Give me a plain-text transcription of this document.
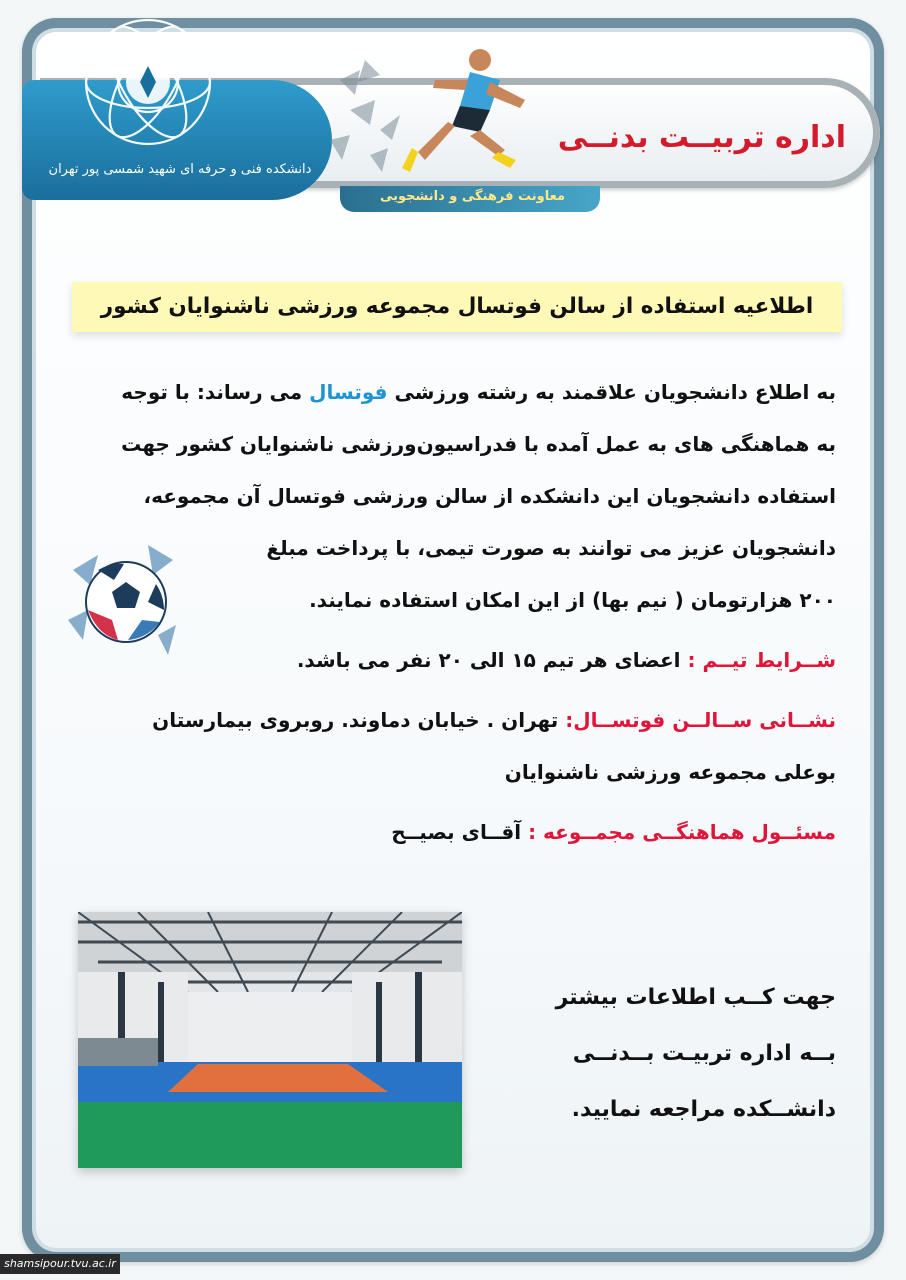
دانشکده فنی و حرفه ای شهید شمسی پور تهران
اداره تربیــت بدنــی
معاونت فرهنگی و دانشجویی
اطلاعیه استفاده از سالن فوتسال مجموعه ورزشی ناشنوایان کشور
به اطلاع دانشجویان علاقمند به رشته ورزشی فوتسال می رساند: با توجه
به هماهنگی های به عمل آمده با فدراسیون‌ورزشی ناشنوایان کشور جهت
استفاده دانشجویان این دانشکده از سالن ورزشی فوتسال آن مجموعه،
دانشجویان عزیز می توانند به صورت تیمی، با پرداخت مبلغ
۲۰۰ هزارتومان ( نیم بها) از این امکان استفاده نمایند.
شــرایط تیــم : اعضای هر تیم ۱۵ الی ۲۰ نفر می باشد.
نشــانی ســالــن فوتســال: تهران . خیابان دماوند. روبروی بیمارستان
بوعلی مجموعه ورزشی ناشنوایان
مسئــول هماهنگــی مجمــوعه : آقــای بصیــح
جهت کــب اطلاعات بیشتر
بــه اداره تربیـت بــدنــی
دانشــکده مراجعه نمایید.
shamsipour.tvu.ac.ir
